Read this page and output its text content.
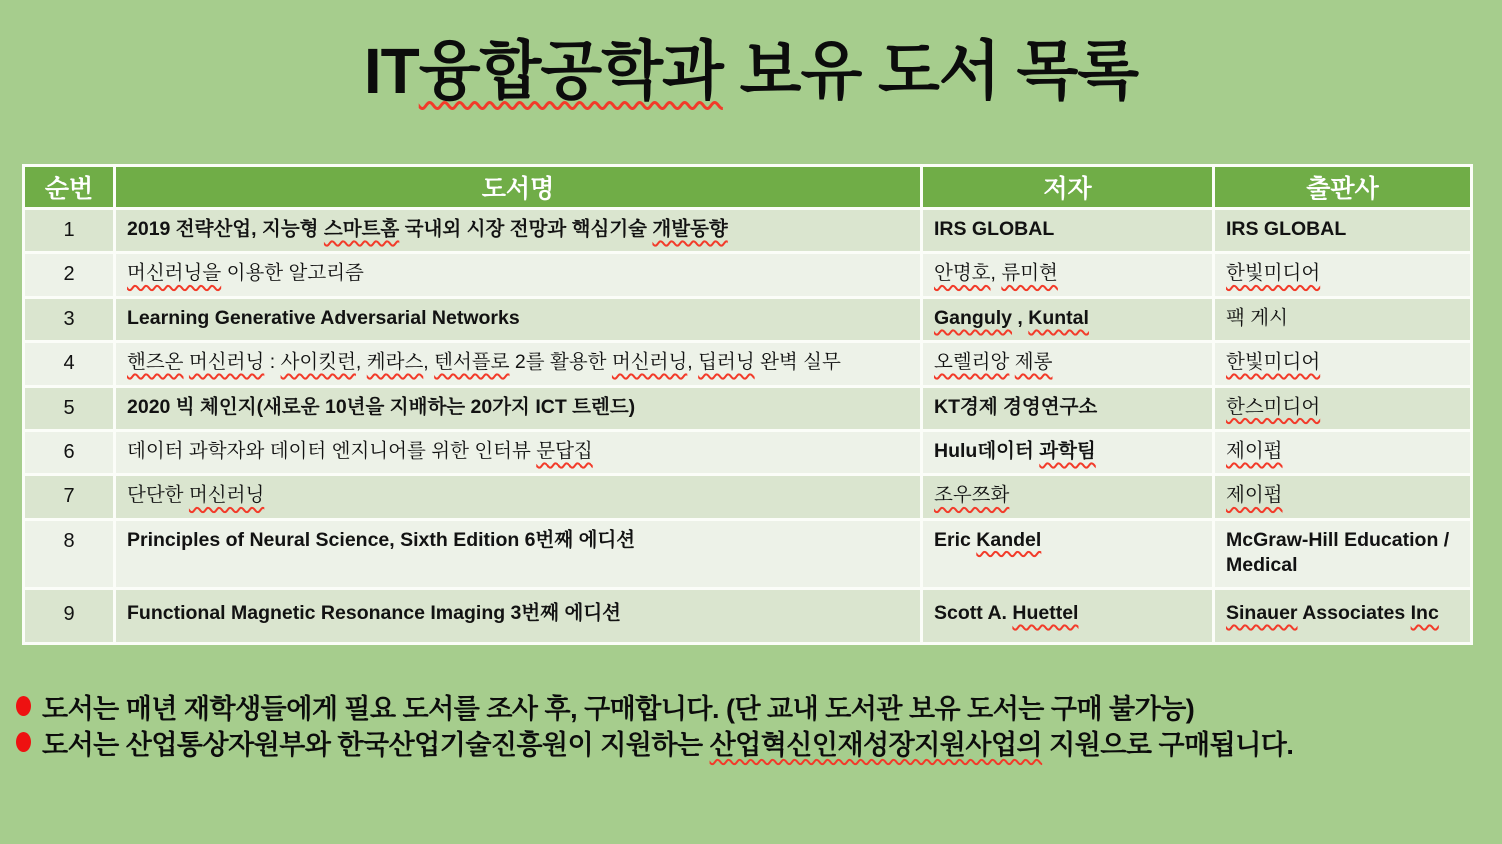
IT융합공학과 보유 도서 목록
순번	도서명	저자	출판사
1	2019 전략산업, 지능형 스마트홈 국내외 시장 전망과 핵심기술 개발동향	IRS GLOBAL	IRS GLOBAL
2	머신러닝을 이용한 알고리즘	안명호, 류미현	한빛미디어
3	Learning Generative Adversarial Networks	Ganguly , Kuntal	팩 게시
4	핸즈온 머신러닝 : 사이킷런, 케라스, 텐서플로 2를 활용한 머신러닝, 딥러닝 완벽 실무	오렐리앙 제롱	한빛미디어
5	2020 빅 체인지(새로운 10년을 지배하는 20가지 ICT 트렌드)	KT경제 경영연구소	한스미디어
6	데이터 과학자와 데이터 엔지니어를 위한 인터뷰 문답집	Hulu데이터 과학팀	제이펍
7	단단한 머신러닝	조우쯔화	제이펍
8	Principles of Neural Science, Sixth Edition 6번째 에디션	Eric Kandel	McGraw-Hill Education / Medical
9	Functional Magnetic Resonance Imaging 3번째 에디션	Scott A. Huettel	Sinauer Associates Inc
도서는 매년 재학생들에게 필요 도서를 조사 후, 구매합니다. (단 교내 도서관 보유 도서는 구매 불가능)
도서는 산업통상자원부와 한국산업기술진흥원이 지원하는 산업혁신인재성장지원사업의 지원으로 구매됩니다.
